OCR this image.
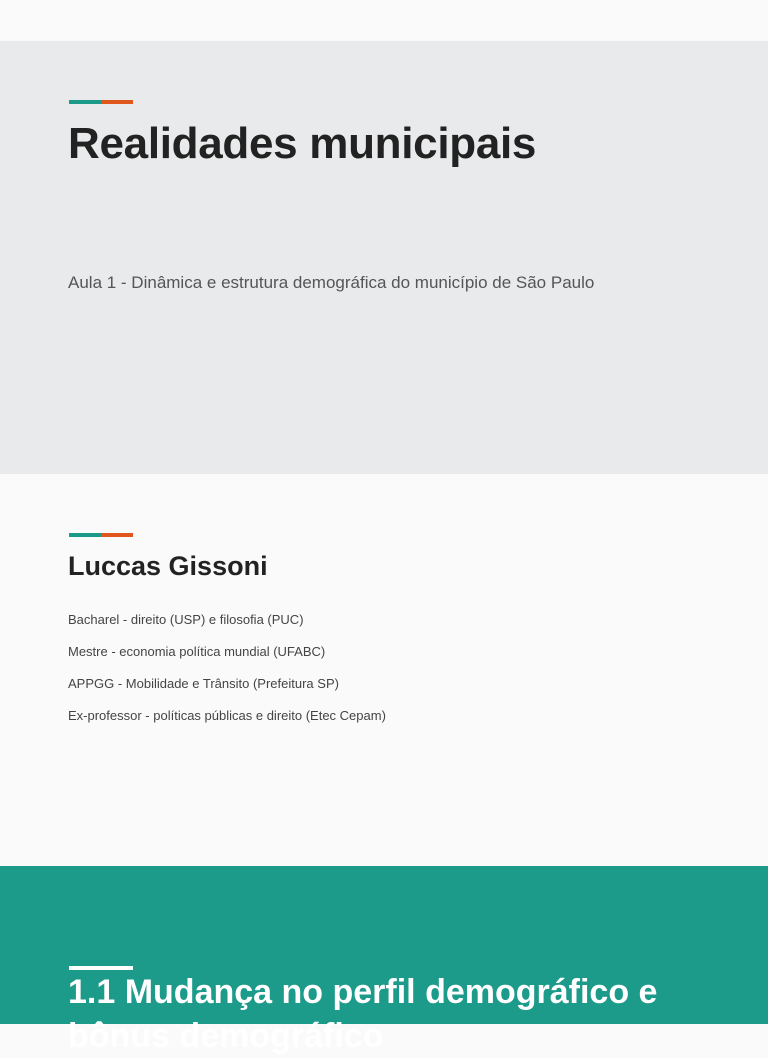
Realidades municipais

Aula 1 - Dinâmica e estrutura demográfica do município de São Paulo

Luccas Gissoni
Bacharel - direito (USP) e filosofia (PUC)
Mestre - economia política mundial (UFABC)
APPGG - Mobilidade e Trânsito (Prefeitura SP)
Ex-professor - políticas públicas e direito (Etec Cepam)
1.1 Mudança no perfil demográfico e bônus demográfico
